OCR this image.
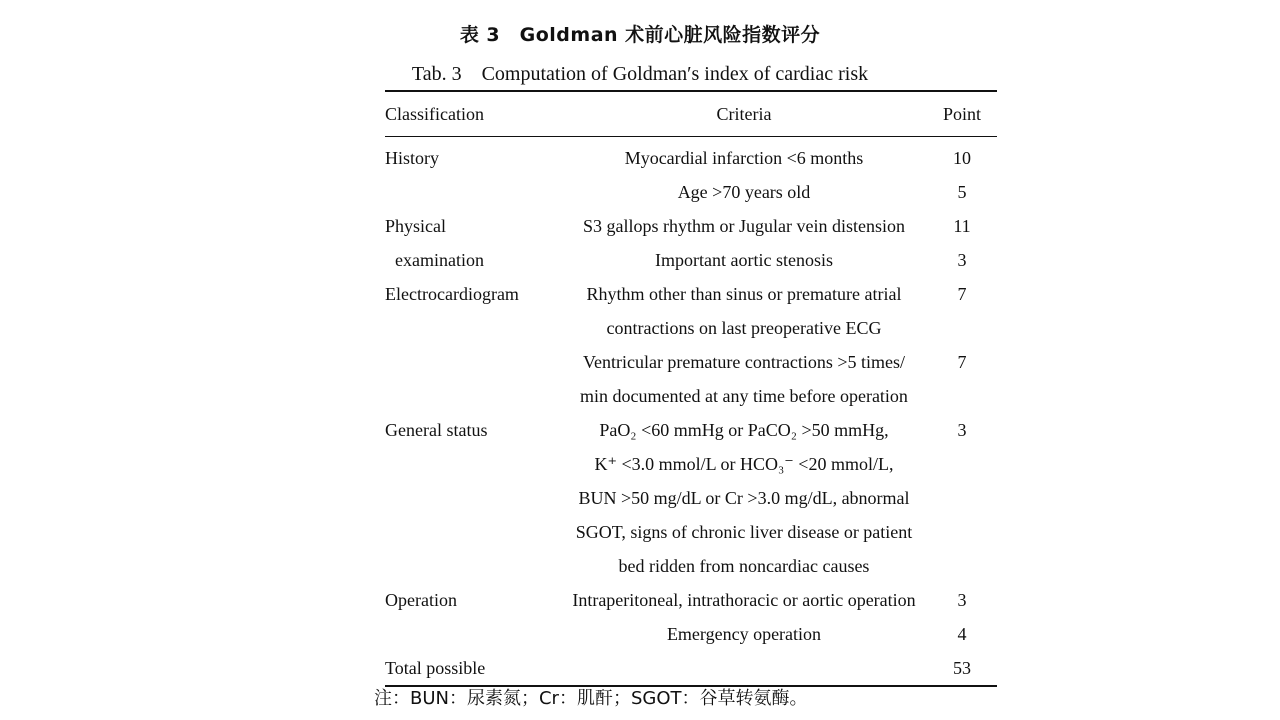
表 3　Goldman 术前心脏风险指数评分
Tab. 3　Computation of Goldman′s index of cardiac risk
Classification	Criteria	Point
History	Myocardial infarction <6 months	10
	Age >70 years old	5
Physical	S3 gallops rhythm or Jugular vein distension	11
examination	Important aortic stenosis	3
Electrocardiogram	Rhythm other than sinus or premature atrial	7
	contractions on last preoperative ECG	
	Ventricular premature contractions >5 times/	7
	min documented at any time before operation	
General status	PaO₂ <60 mmHg or PaCO₂ >50 mmHg,	3
	K⁺ <3.0 mmol/L or HCO₃⁻ <20 mmol/L,	
	BUN >50 mg/dL or Cr >3.0 mg/dL, abnormal	
	SGOT, signs of chronic liver disease or patient	
	bed ridden from noncardiac causes	
Operation	Intraperitoneal, intrathoracic or aortic operation	3
	Emergency operation	4
Total possible		53
注：BUN：尿素氮；Cr：肌酐；SGOT：谷草转氨酶。
